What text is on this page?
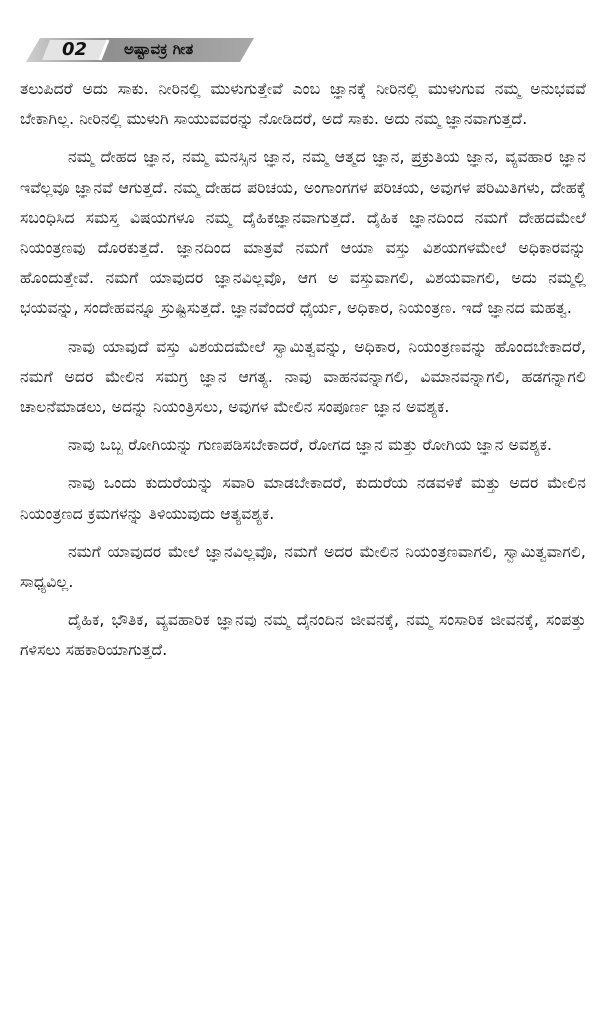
02 ಅಷ್ಟಾವಕ್ರ ಗೀತ

ತಲುಪಿದರೆ ಅದು ಸಾಕು. ನೀರಿನಲ್ಲಿ ಮುಳುಗುತ್ತೇವೆ ಎಂಬ ಜ್ಞಾನಕ್ಕೆ ನೀರಿನಲ್ಲಿ ಮುಳುಗುವ ನಮ್ಮ ಅನುಭವವೆ ಬೇಕಾಗಿಲ್ಲ. ನೀರಿನಲ್ಲಿ ಮುಳುಗಿ ಸಾಯುವವರನ್ನು ನೋಡಿದರೆ, ಅದೆ ಸಾಕು. ಅದು ನಮ್ಮ ಜ್ಞಾನವಾಗುತ್ತದೆ.

ನಮ್ಮ ದೇಹದ ಜ್ಞಾನ, ನಮ್ಮ ಮನಸ್ಸಿನ ಜ್ಞಾನ, ನಮ್ಮ ಆತ್ಮದ ಜ್ಞಾನ, ಪ್ರಕ್ರುತಿಯ ಜ್ಞಾನ, ವ್ಯವಹಾರ ಜ್ಞಾನ ಇವೆಲ್ಲವೂ ಜ್ಞಾನವೆ ಆಗುತ್ತದೆ. ನಮ್ಮ ದೇಹದ ಪರಿಚಯ, ಅಂಗಾಂಗಗಳ ಪರಿಚಯ, ಅವುಗಳ ಪರಿಮಿತಿಗಳು, ದೇಹಕ್ಕೆ ಸಬಂಧಿಸಿದ ಸಮಸ್ತ ವಿಷಯಗಳೂ ನಮ್ಮ ದೈಹಿಕಜ್ಞಾನವಾಗುತ್ತದೆ. ದೈಹಿಕ ಜ್ಞಾನದಿಂದ ನಮಗೆ ದೇಹದಮೇಲೆ ನಿಯಂತ್ರಣವು ದೊರಕುತ್ತದೆ. ಜ್ಞಾನದಿಂದ ಮಾತ್ರವೆ ನಮಗೆ ಆಯಾ ವಸ್ತು ವಿಶಯಗಳಮೇಲೆ ಅಧಿಕಾರವನ್ನು ಹೊಂದುತ್ತೇವೆ. ನಮಗೆ ಯಾವುದರ ಜ್ಞಾನವಿಲ್ಲವೊ, ಆಗ ಅ ವಸ್ತುವಾಗಲಿ, ವಿಶಯವಾಗಲಿ, ಅದು ನಮ್ಮಲ್ಲಿ ಭಯವನ್ನು, ಸಂದೇಹವನ್ನೂ ಸ್ರುಷ್ಟಿಸುತ್ತದೆ. ಜ್ಞಾನವೆಂದರೆ ಧೈರ್ಯ, ಅಧಿಕಾರ, ನಿಯಂತ್ರಣ. ಇದೆ ಜ್ಞಾನದ ಮಹತ್ವ.

ನಾವು ಯಾವುದೆ ವಸ್ತು ವಿಶಯದಮೇಲೆ ಸ್ವಾಮಿತ್ವವನ್ನು, ಅಧಿಕಾರ, ನಿಯಂತ್ರಣವನ್ನು ಹೊಂದಬೇಕಾದರೆ, ನಮಗೆ ಅದರ ಮೇಲಿನ ಸಮಗ್ರ ಜ್ಞಾನ ಆಗತ್ಯ. ನಾವು ವಾಹನವನ್ನಾಗಲಿ, ವಿಮಾನವನ್ನಾಗಲಿ, ಹಡಗನ್ನಾಗಲಿ ಚಾಲನೆಮಾಡಲು, ಅದನ್ನು ನಿಯಂತ್ರಿಸಲು, ಅವುಗಳ ಮೇಲಿನ ಸಂಪೂರ್ಣ ಜ್ಞಾನ ಅವಶ್ಯಕ.

ನಾವು ಒಬ್ಬ ರೋಗಿಯನ್ನು ಗುಣಪಡಿಸಬೇಕಾದರೆ, ರೋಗದ ಜ್ಞಾನ ಮತ್ತು ರೋಗಿಯ ಜ್ಞಾನ ಅವಶ್ಯಕ.

ನಾವು ಒಂದು ಕುದುರೆಯನ್ನು ಸವಾರಿ ಮಾಡಬೇಕಾದರೆ, ಕುದುರೆಯ ನಡವಳಿಕೆ ಮತ್ತು ಅದರ ಮೇಲಿನ ನಿಯಂತ್ರಣದ ಕ್ರಮಗಳನ್ನು ತಿಳಿಯುವುದು ಆತ್ಯವಶ್ಯಕ.

ನಮಗೆ ಯಾವುದರ ಮೇಲೆ ಜ್ಞಾನವಿಲ್ಲವೊ, ನಮಗೆ ಅದರ ಮೇಲಿನ ನಿಯಂತ್ರಣವಾಗಲಿ, ಸ್ವಾಮಿತ್ವವಾಗಲಿ, ಸಾಧ್ಯವಿಲ್ಲ.

ದೈಹಿಕ, ಭೌತಿಕ, ವ್ಯವಹಾರಿಕ ಜ್ಞಾನವು ನಮ್ಮ ದೈನಂದಿನ ಜೀವನಕ್ಕೆ, ನಮ್ಮ ಸಂಸಾರಿಕ ಜೀವನಕ್ಕೆ, ಸಂಪತ್ತು ಗಳಿಸಲು ಸಹಕಾರಿಯಾಗುತ್ತದೆ.
